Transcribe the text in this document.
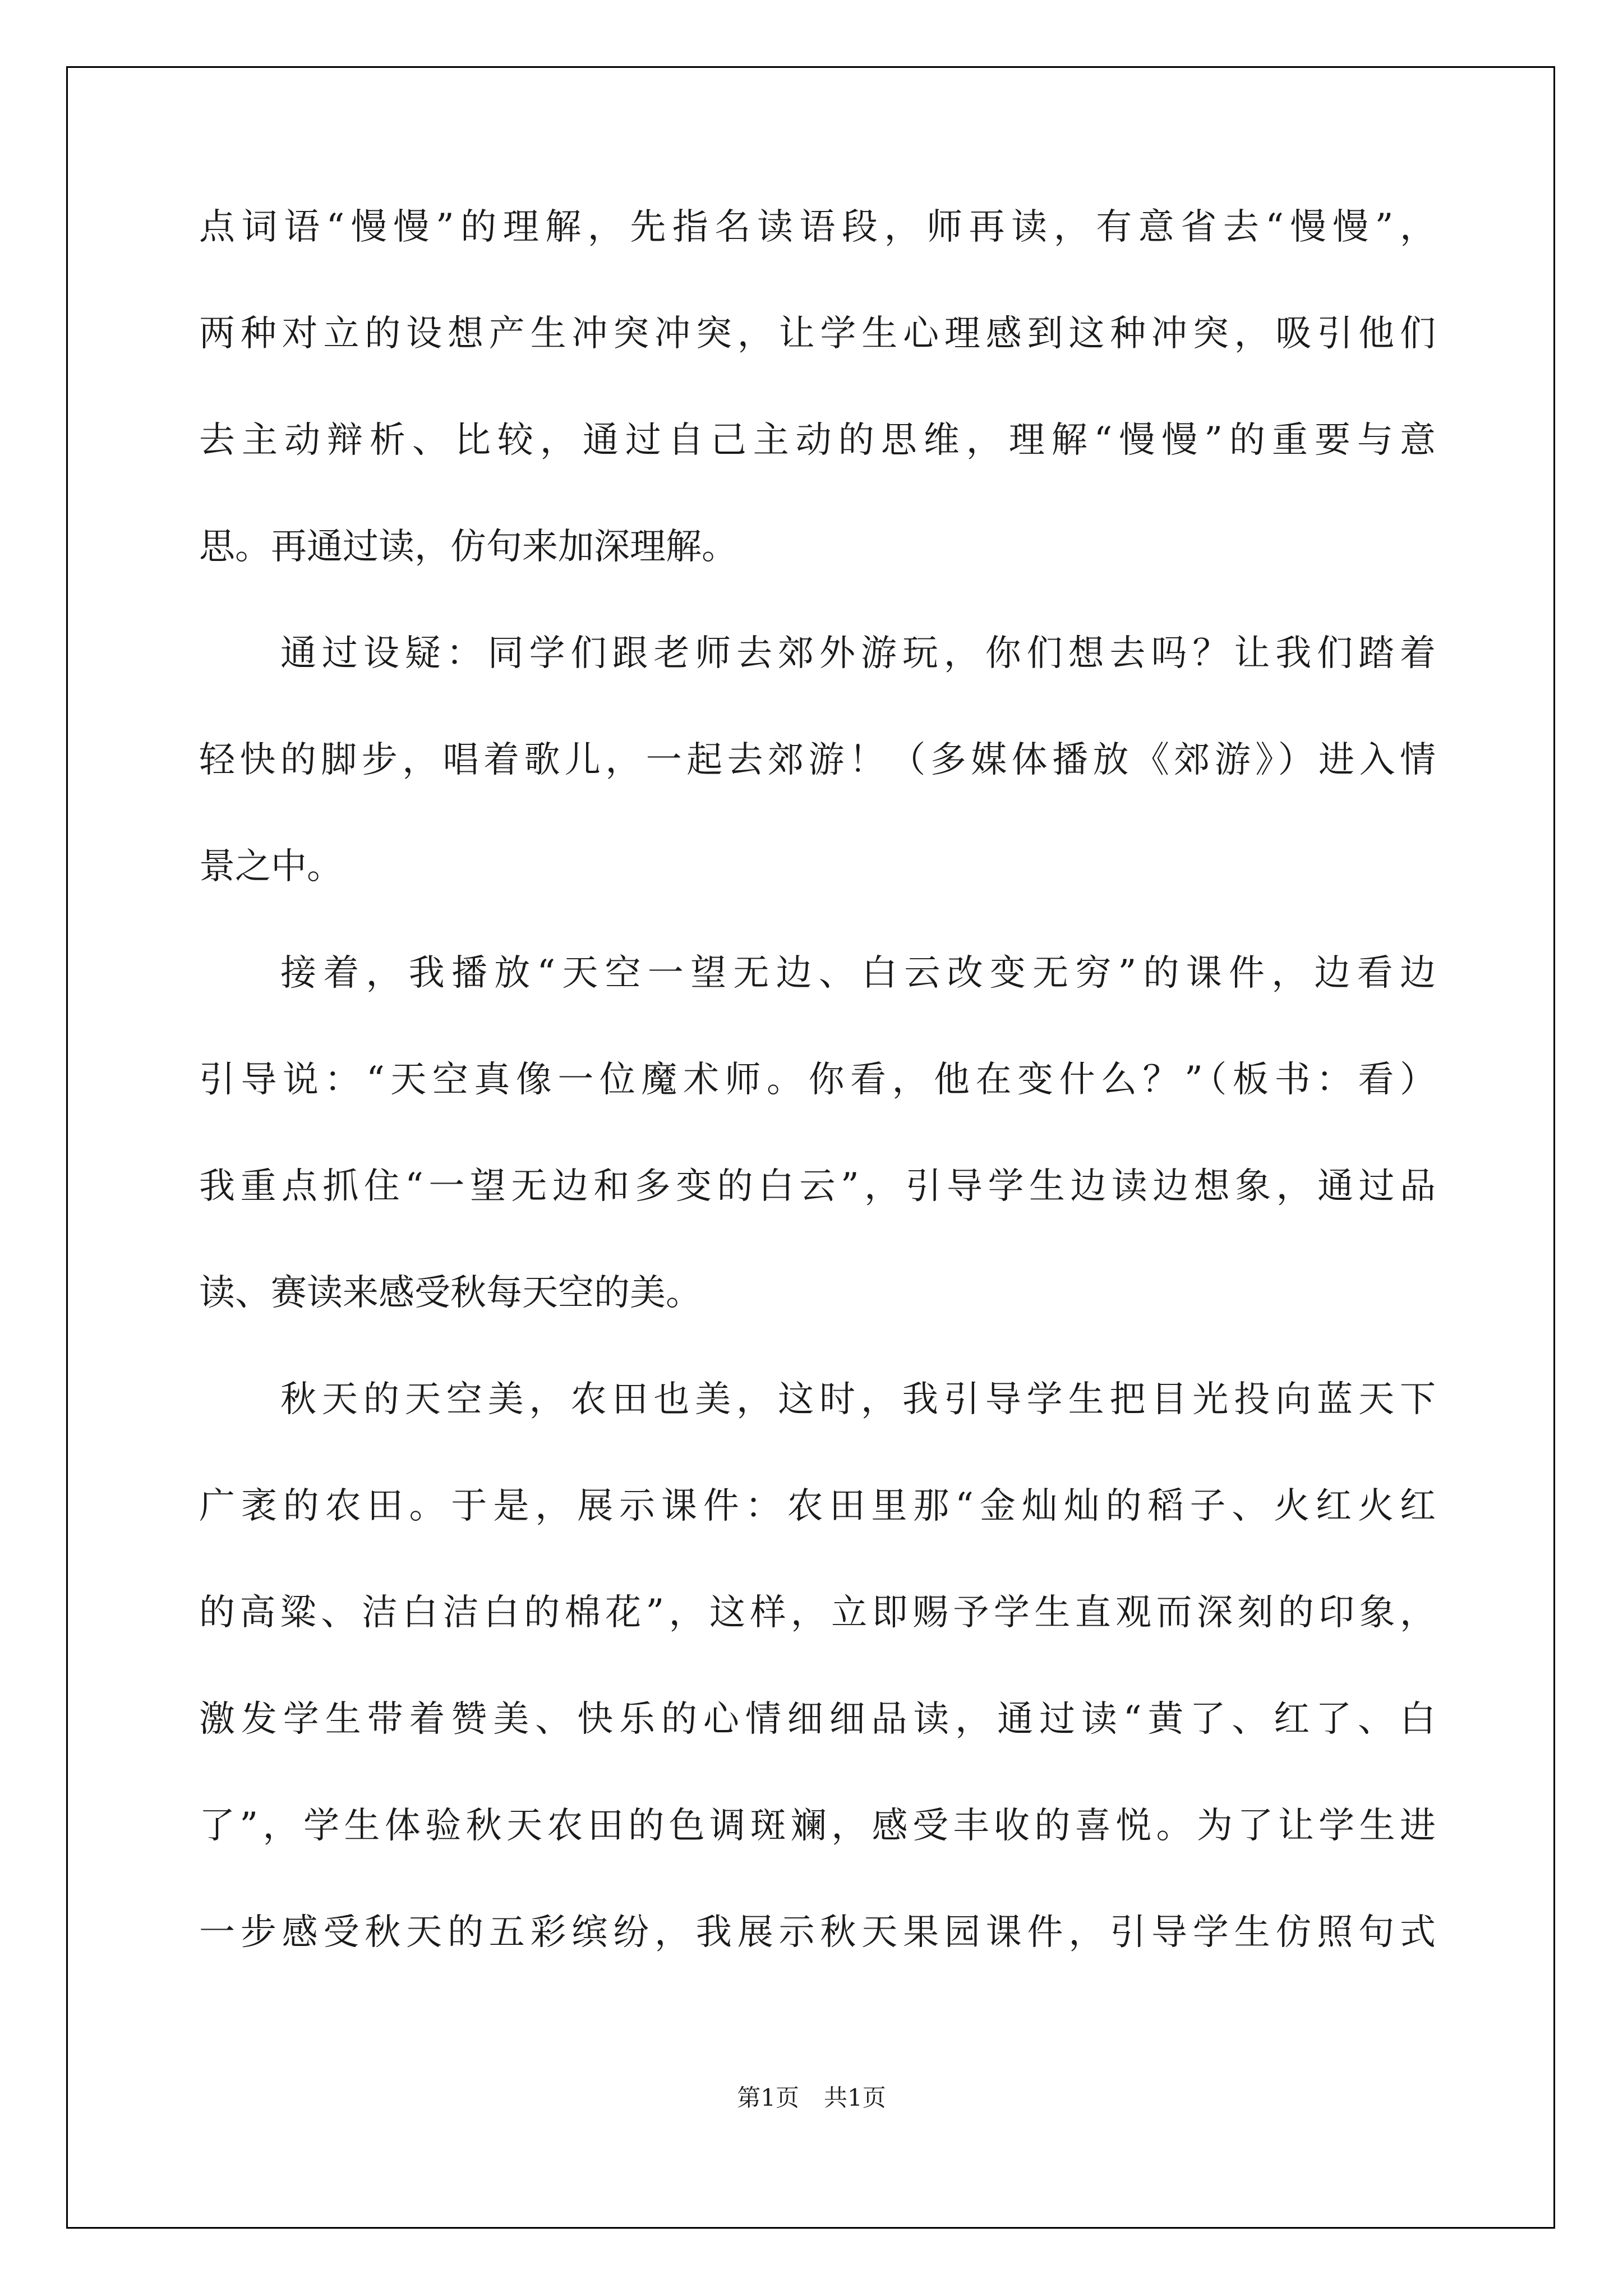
点词语“慢慢”的理解，先指名读语段，师再读，有意省去“慢慢”，
两种对立的设想产生冲突冲突，让学生心理感到这种冲突，吸引他们
去主动辩析、比较，通过自己主动的思维，理解“慢慢”的重要与意
思。再通过读，仿句来加深理解。
通过设疑：同学们跟老师去郊外游玩，你们想去吗？让我们踏着
轻快的脚步，唱着歌儿，一起去郊游！（多媒体播放《郊游》）进入情
景之中。
接着，我播放“天空一望无边、白云改变无穷”的课件，边看边
引导说：“天空真像一位魔术师。你看，他在变什么？”（板书：看）
我重点抓住“一望无边和多变的白云”，引导学生边读边想象，通过品
读、赛读来感受秋每天空的美。
秋天的天空美，农田也美，这时，我引导学生把目光投向蓝天下
广袤的农田。于是，展示课件：农田里那“金灿灿的稻子、火红火红
的高粱、洁白洁白的棉花”，这样，立即赐予学生直观而深刻的印象，
激发学生带着赞美、快乐的心情细细品读，通过读“黄了、红了、白
了”，学生体验秋天农田的色调斑斓，感受丰收的喜悦。为了让学生进
一步感受秋天的五彩缤纷，我展示秋天果园课件，引导学生仿照句式
第1页 共1页
